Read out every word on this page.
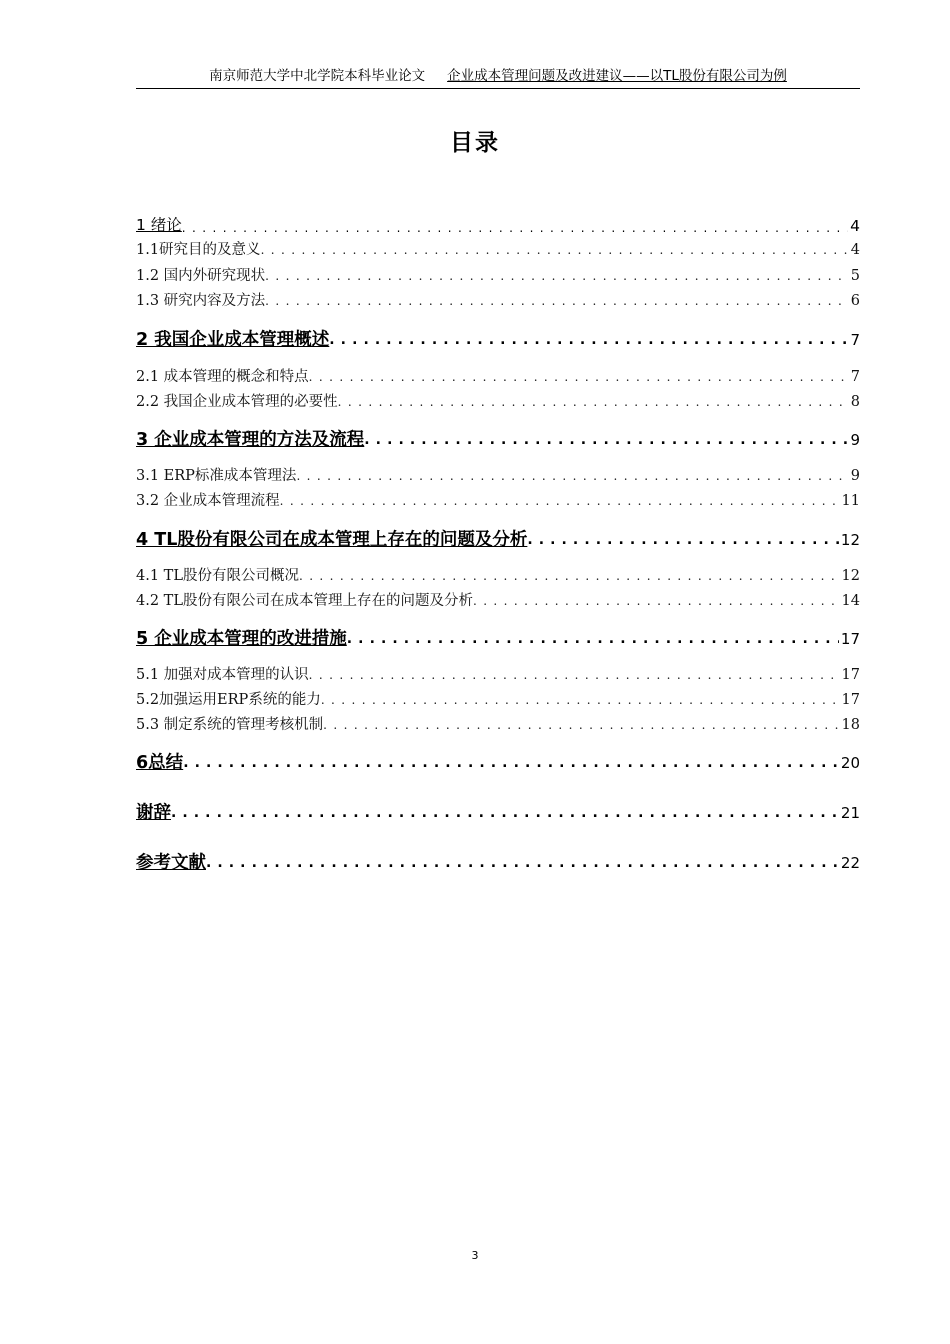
南京师范大学中北学院本科毕业论文 企业成本管理问题及改进建议——以TL股份有限公司为例
目录
1 绪论 . . .	4
1.1研究目的及意义 . . .	4
1.2 国内外研究现状 . . .	5
1.3 研究内容及方法 . . .	6
2 我国企业成本管理概述 . . .	7
2.1 成本管理的概念和特点 . . .	7
2.2 我国企业成本管理的必要性 . . .	8
3 企业成本管理的方法及流程 . . .	9
3.1 ERP标准成本管理法 . . .	9
3.2 企业成本管理流程 . . .	11
4 TL股份有限公司在成本管理上存在的问题及分析 . . .	12
4.1 TL股份有限公司概况 . . .	12
4.2 TL股份有限公司在成本管理上存在的问题及分析 . . .	14
5 企业成本管理的改进措施 . . .	17
5.1 加强对成本管理的认识 . . .	17
5.2加强运用ERP系统的能力 . . .	17
5.3 制定系统的管理考核机制 . . .	18
6总结 . . .	20
谢辞 . . .	21
参考文献 . . .	22
3
